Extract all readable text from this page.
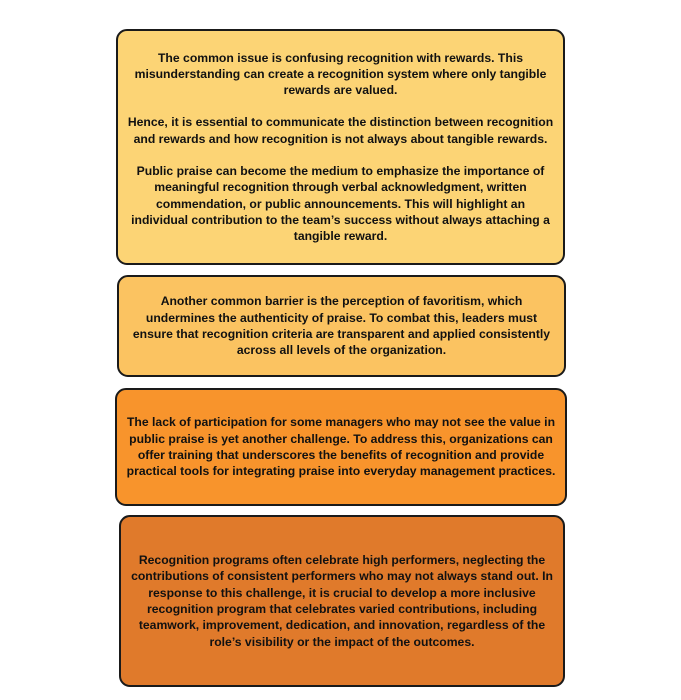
The common issue is confusing recognition with rewards. This misunderstanding can create a recognition system where only tangible rewards are valued.

Hence, it is essential to communicate the distinction between recognition and rewards and how recognition is not always about tangible rewards.

Public praise can become the medium to emphasize the importance of meaningful recognition through verbal acknowledgment, written commendation, or public announcements. This will highlight an individual contribution to the team’s success without always attaching a tangible reward.

Another common barrier is the perception of favoritism, which undermines the authenticity of praise. To combat this, leaders must ensure that recognition criteria are transparent and applied consistently across all levels of the organization.

The lack of participation for some managers who may not see the value in public praise is yet another challenge. To address this, organizations can offer training that underscores the benefits of recognition and provide practical tools for integrating praise into everyday management practices.

Recognition programs often celebrate high performers, neglecting the contributions of consistent performers who may not always stand out. In response to this challenge, it is crucial to develop a more inclusive recognition program that celebrates varied contributions, including teamwork, improvement, dedication, and innovation, regardless of the role’s visibility or the impact of the outcomes.
